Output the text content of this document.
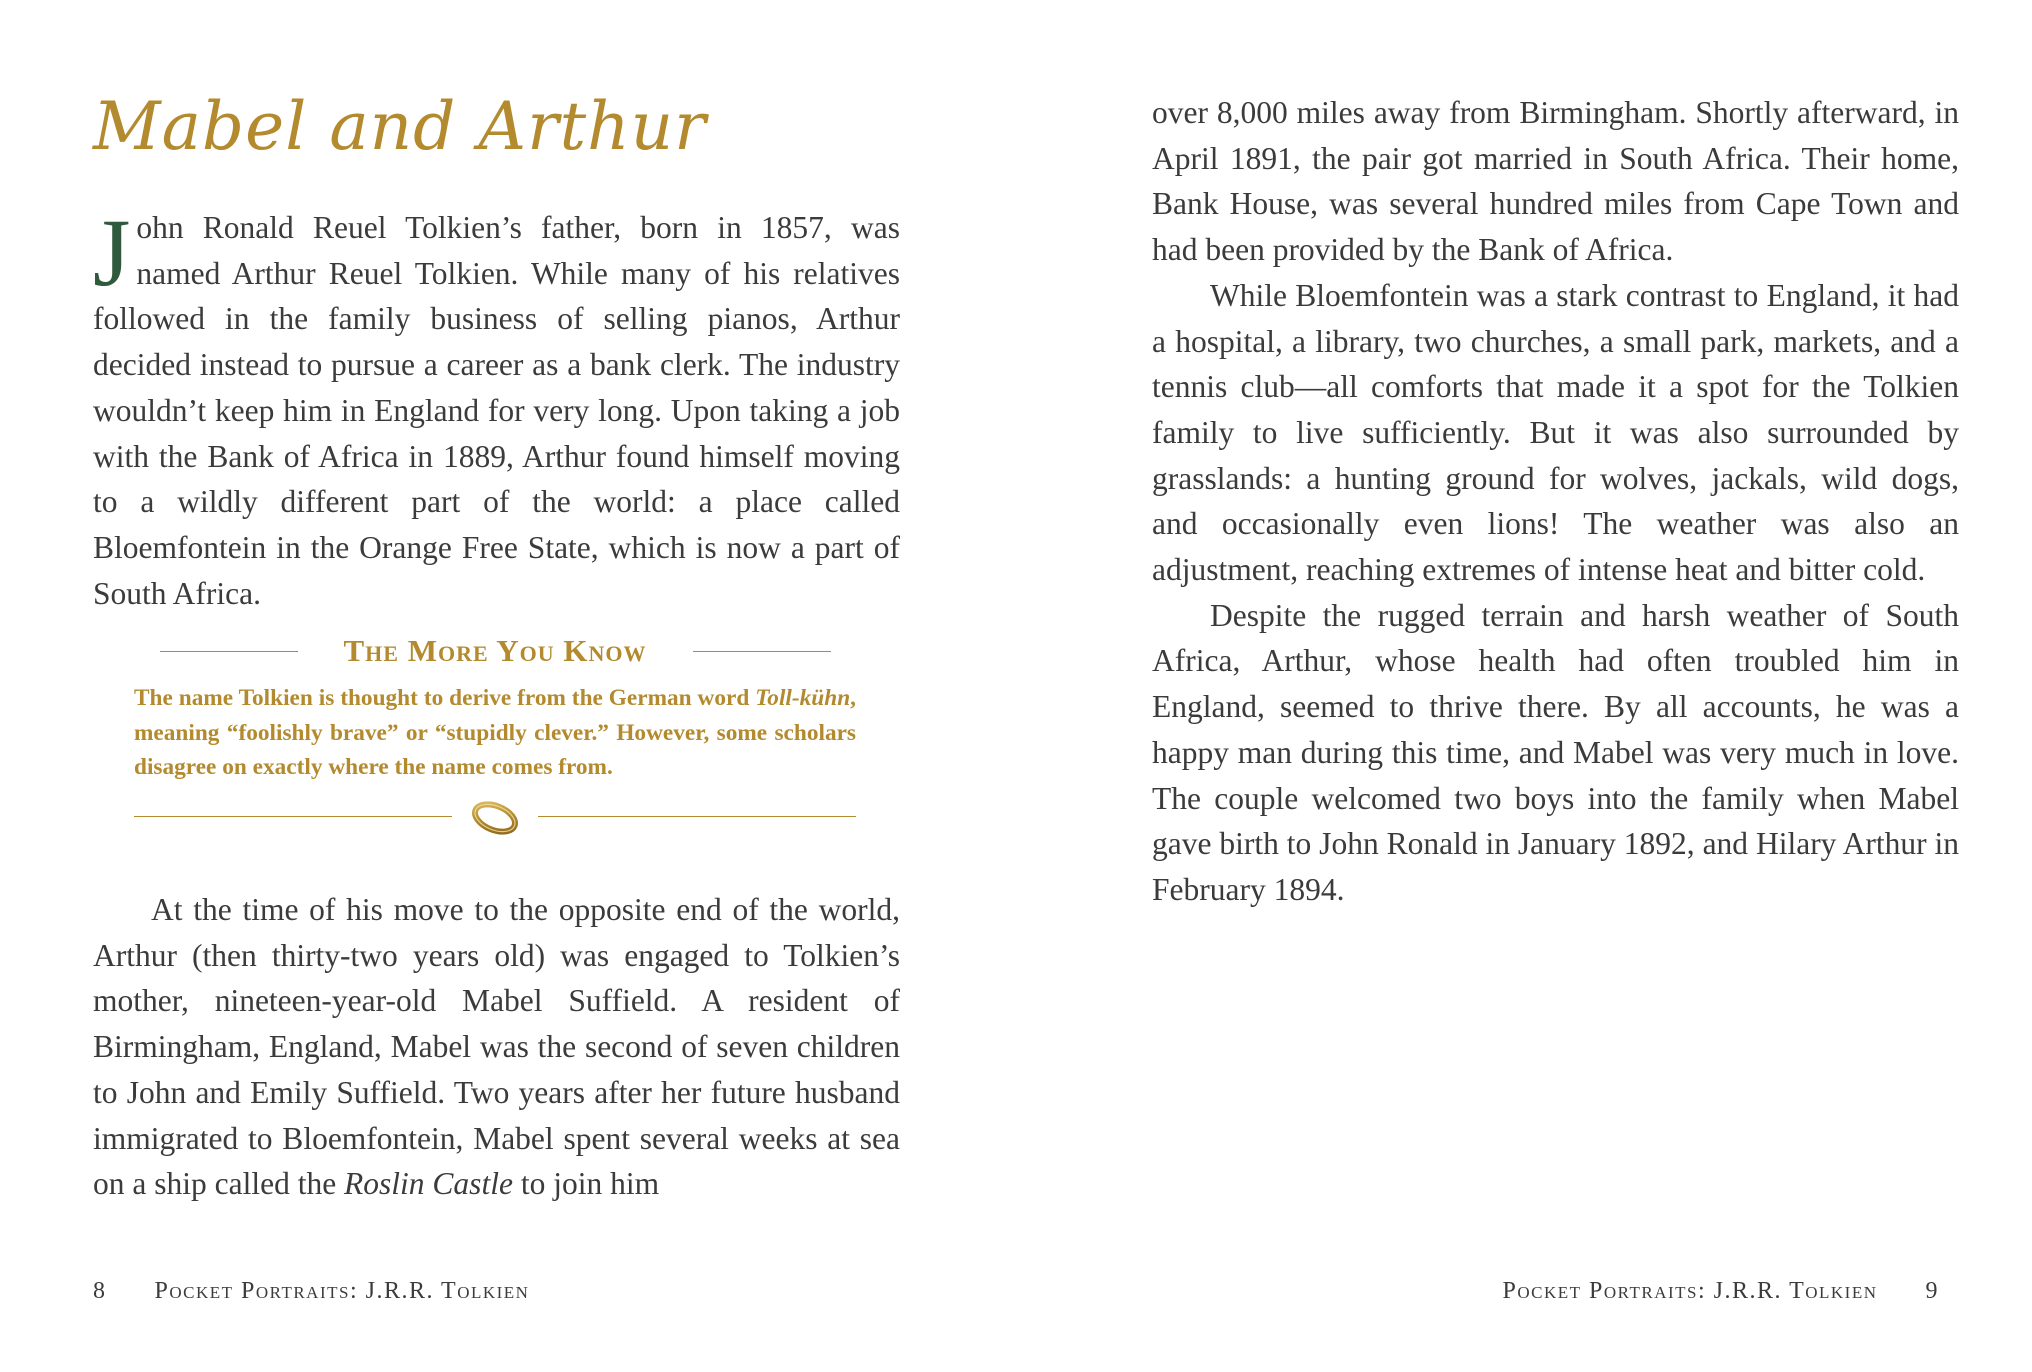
Mabel and Arthur

John Ronald Reuel Tolkien’s father, born in 1857, was named Arthur Reuel Tolkien. While many of his relatives followed in the family business of selling pianos, Arthur decided instead to pursue a career as a bank clerk. The industry wouldn’t keep him in England for very long. Upon taking a job with the Bank of Africa in 1889, Arthur found himself moving to a wildly different part of the world: a place called Bloemfontein in the Orange Free State, which is now a part of South Africa.

The More You Know

The name Tolkien is thought to derive from the German word Toll-kühn, meaning “foolishly brave” or “stupidly clever.” However, some scholars disagree on exactly where the name comes from.

At the time of his move to the opposite end of the world, Arthur (then thirty-two years old) was engaged to Tolkien’s mother, nineteen-year-old Mabel Suffield. A resident of Birmingham, England, Mabel was the second of seven children to John and Emily Suffield. Two years after her future husband immigrated to Bloemfontein, Mabel spent several weeks at sea on a ship called the Roslin Castle to join him

8 Pocket Portraits: J.R.R. Tolkien

over 8,000 miles away from Birmingham. Shortly afterward, in April 1891, the pair got married in South Africa. Their home, Bank House, was several hundred miles from Cape Town and had been provided by the Bank of Africa.

While Bloemfontein was a stark contrast to England, it had a hospital, a library, two churches, a small park, markets, and a tennis club—all comforts that made it a spot for the Tolkien family to live sufficiently. But it was also surrounded by grasslands: a hunting ground for wolves, jackals, wild dogs, and occasionally even lions! The weather was also an adjustment, reaching extremes of intense heat and bitter cold.

Despite the rugged terrain and harsh weather of South Africa, Arthur, whose health had often troubled him in England, seemed to thrive there. By all accounts, he was a happy man during this time, and Mabel was very much in love. The couple welcomed two boys into the family when Mabel gave birth to John Ronald in January 1892, and Hilary Arthur in February 1894.

Pocket Portraits: J.R.R. Tolkien 9
